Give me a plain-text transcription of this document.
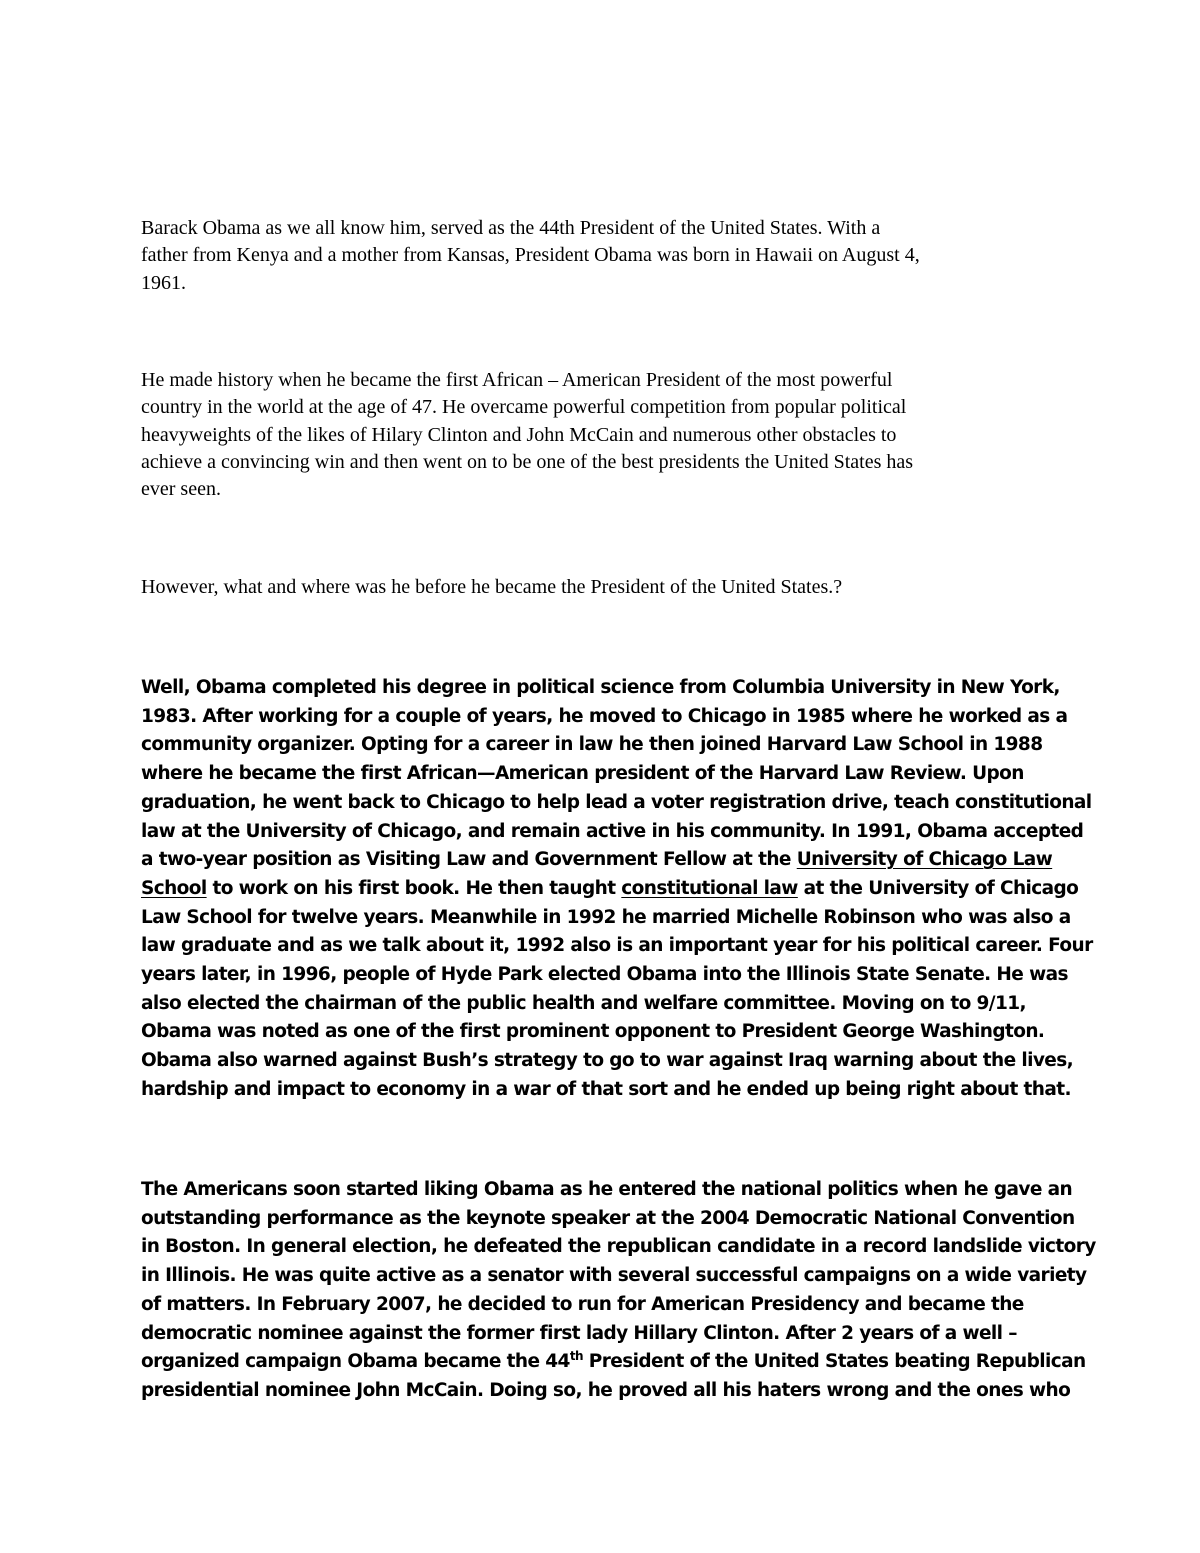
Barack Obama as we all know him, served as the 44th President of the United States. With a
father from Kenya and a mother from Kansas, President Obama was born in Hawaii on August 4,
1961.
He made history when he became the first African – American President of the most powerful
country in the world at the age of 47. He overcame powerful competition from popular political
heavyweights of the likes of Hilary Clinton and John McCain and numerous other obstacles to
achieve a convincing win and then went on to be one of the best presidents the United States has
ever seen.
However, what and where was he before he became the President of the United States.?
Well, Obama completed his degree in political science from Columbia University in New York,
1983. After working for a couple of years, he moved to Chicago in 1985 where he worked as a
community organizer. Opting for a career in law he then joined Harvard Law School in 1988
where he became the first African—American president of the Harvard Law Review. Upon
graduation, he went back to Chicago to help lead a voter registration drive, teach constitutional
law at the University of Chicago, and remain active in his community. In 1991, Obama accepted
a two-year position as Visiting Law and Government Fellow at the University of Chicago Law
School to work on his first book. He then taught constitutional law at the University of Chicago
Law School for twelve years. Meanwhile in 1992 he married Michelle Robinson who was also a
law graduate and as we talk about it, 1992 also is an important year for his political career. Four
years later, in 1996, people of Hyde Park elected Obama into the Illinois State Senate. He was
also elected the chairman of the public health and welfare committee. Moving on to 9/11,
Obama was noted as one of the first prominent opponent to President George Washington.
Obama also warned against Bush’s strategy to go to war against Iraq warning about the lives,
hardship and impact to economy in a war of that sort and he ended up being right about that.
The Americans soon started liking Obama as he entered the national politics when he gave an
outstanding performance as the keynote speaker at the 2004 Democratic National Convention
in Boston. In general election, he defeated the republican candidate in a record landslide victory
in Illinois. He was quite active as a senator with several successful campaigns on a wide variety
of matters. In February 2007, he decided to run for American Presidency and became the
democratic nominee against the former first lady Hillary Clinton. After 2 years of a well –
organized campaign Obama became the 44th President of the United States beating Republican
presidential nominee John McCain. Doing so, he proved all his haters wrong and the ones who
